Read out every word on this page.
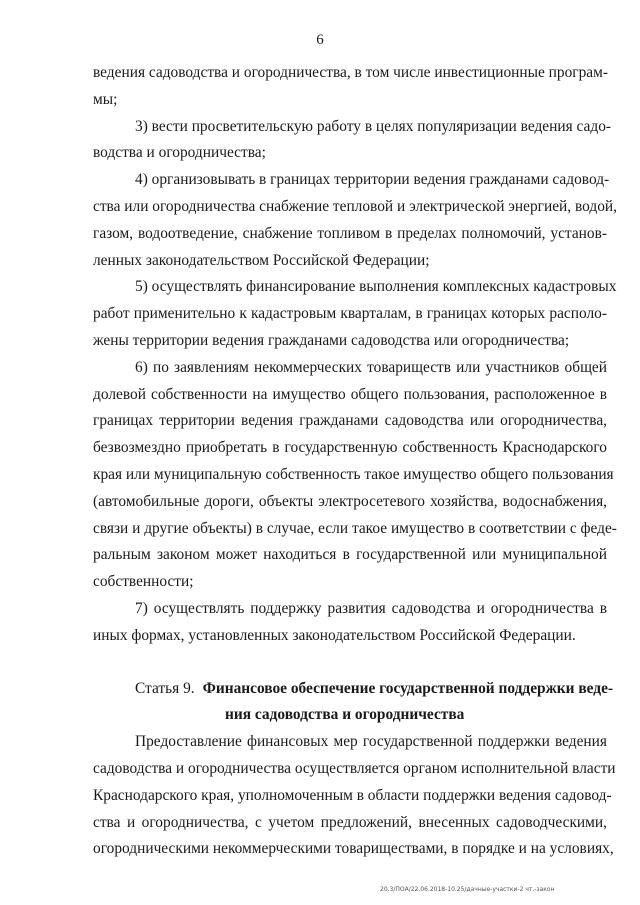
6
ведения садоводства и огородничества, в том числе инвестиционные програм-
мы;
3) вести просветительскую работу в целях популяризации ведения садо-
водства и огородничества;
4) организовывать в границах территории ведения гражданами садовод-
ства или огородничества снабжение тепловой и электрической энергией, водой,
газом, водоотведение, снабжение топливом в пределах полномочий, установ-
ленных законодательством Российской Федерации;
5) осуществлять финансирование выполнения комплексных кадастровых
работ применительно к кадастровым кварталам, в границах которых располо-
жены территории ведения гражданами садоводства или огородничества;
6) по заявлениям некоммерческих товариществ или участников общей
долевой собственности на имущество общего пользования, расположенное в
границах территории ведения гражданами садоводства или огородничества,
безвозмездно приобретать в государственную собственность Краснодарского
края или муниципальную собственность такое имущество общего пользования
(автомобильные дороги, объекты электросетевого хозяйства, водоснабжения,
связи и другие объекты) в случае, если такое имущество в соответствии с феде-
ральным законом может находиться в государственной или муниципальной
собственности;
7) осуществлять поддержку развития садоводства и огородничества в
иных формах, установленных законодательством Российской Федерации.
Статья 9. Финансовое обеспечение государственной поддержки веде-
ния садоводства и огородничества
Предоставление финансовых мер государственной поддержки ведения
садоводства и огородничества осуществляется органом исполнительной власти
Краснодарского края, уполномоченным в области поддержки ведения садовод-
ства и огородничества, с учетом предложений, внесенных садоводческими,
огородническими некоммерческими товариществами, в порядке и на условиях,
20.3/ПОА/22.06.2018-10.25/дачные-участки-2 чт.-закон
